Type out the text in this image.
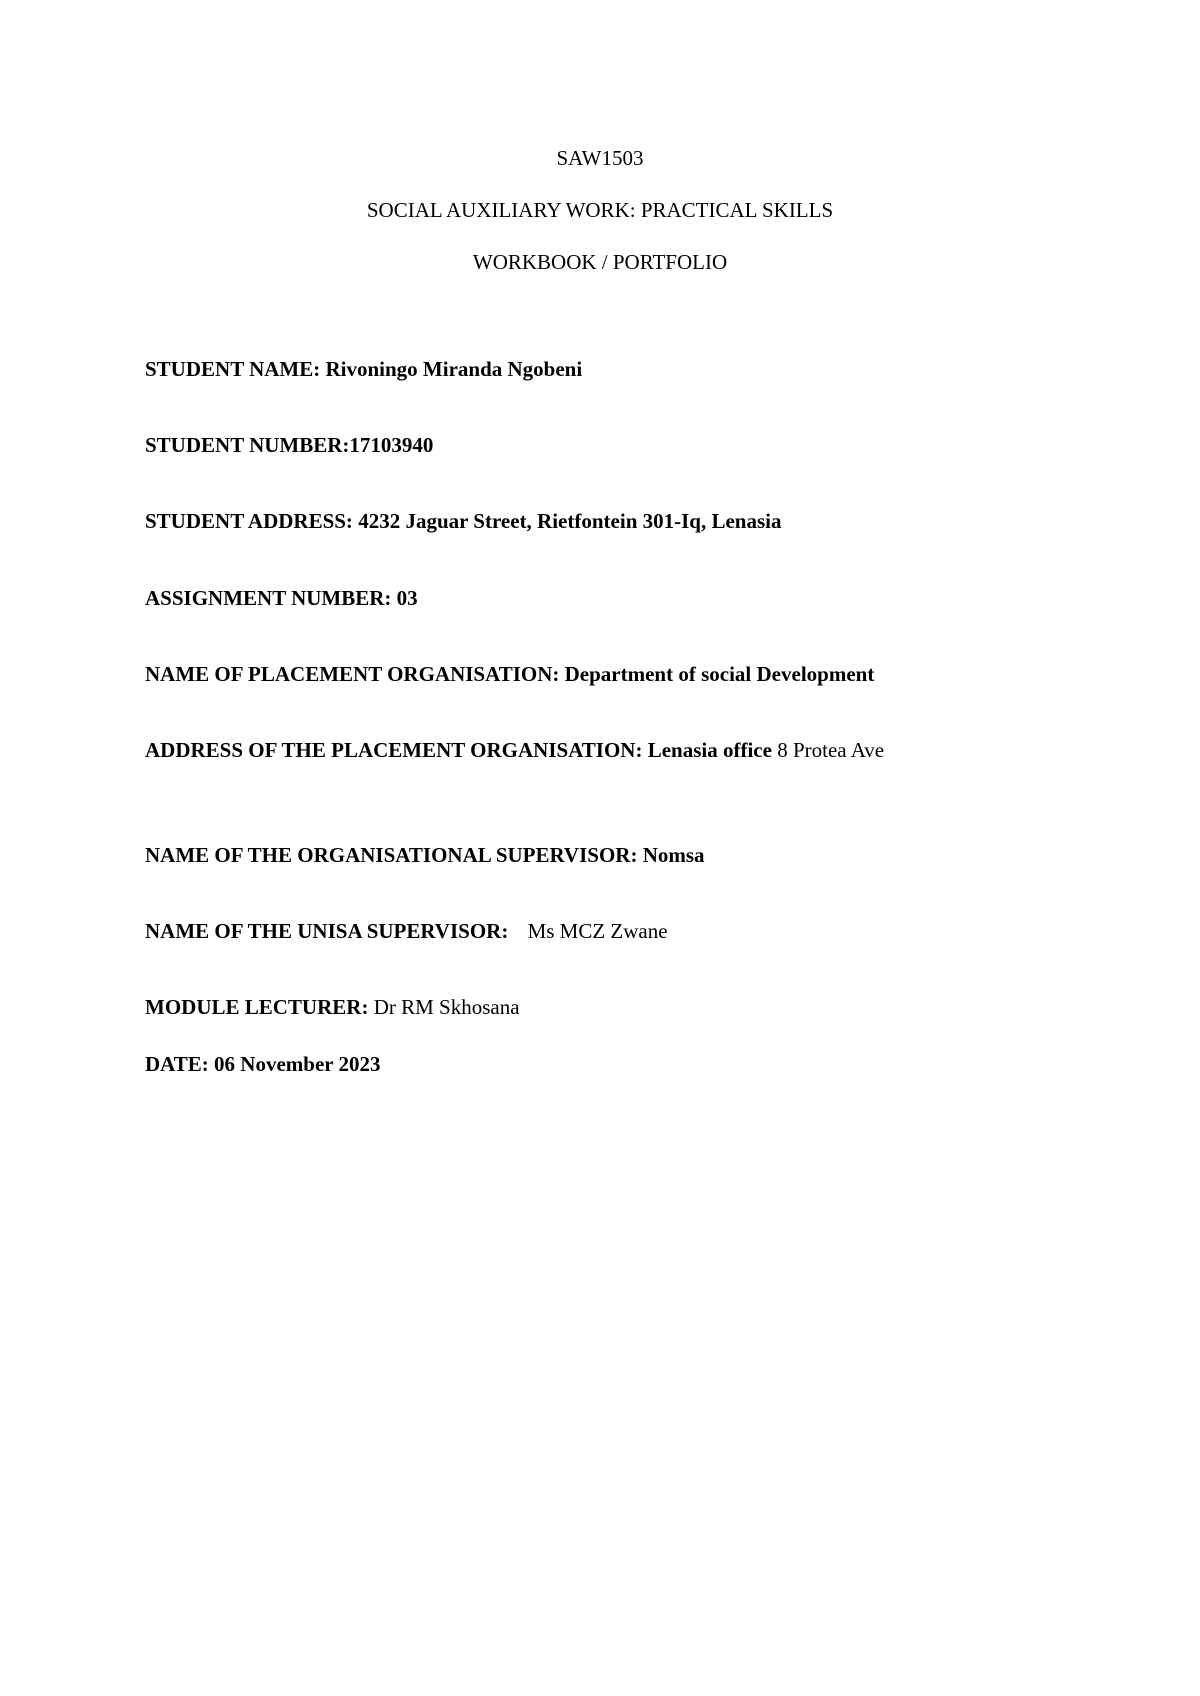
SAW1503
SOCIAL AUXILIARY WORK: PRACTICAL SKILLS
WORKBOOK / PORTFOLIO
STUDENT NAME: Rivoningo Miranda Ngobeni
STUDENT NUMBER:17103940
STUDENT ADDRESS: 4232 Jaguar Street, Rietfontein 301-Iq, Lenasia
ASSIGNMENT NUMBER: 03
NAME OF PLACEMENT ORGANISATION: Department of social Development
ADDRESS OF THE PLACEMENT ORGANISATION: Lenasia office 8 Protea Ave
NAME OF THE ORGANISATIONAL SUPERVISOR: Nomsa
NAME OF THE UNISA SUPERVISOR: Ms MCZ Zwane
MODULE LECTURER: Dr RM Skhosana
DATE: 06 November 2023
